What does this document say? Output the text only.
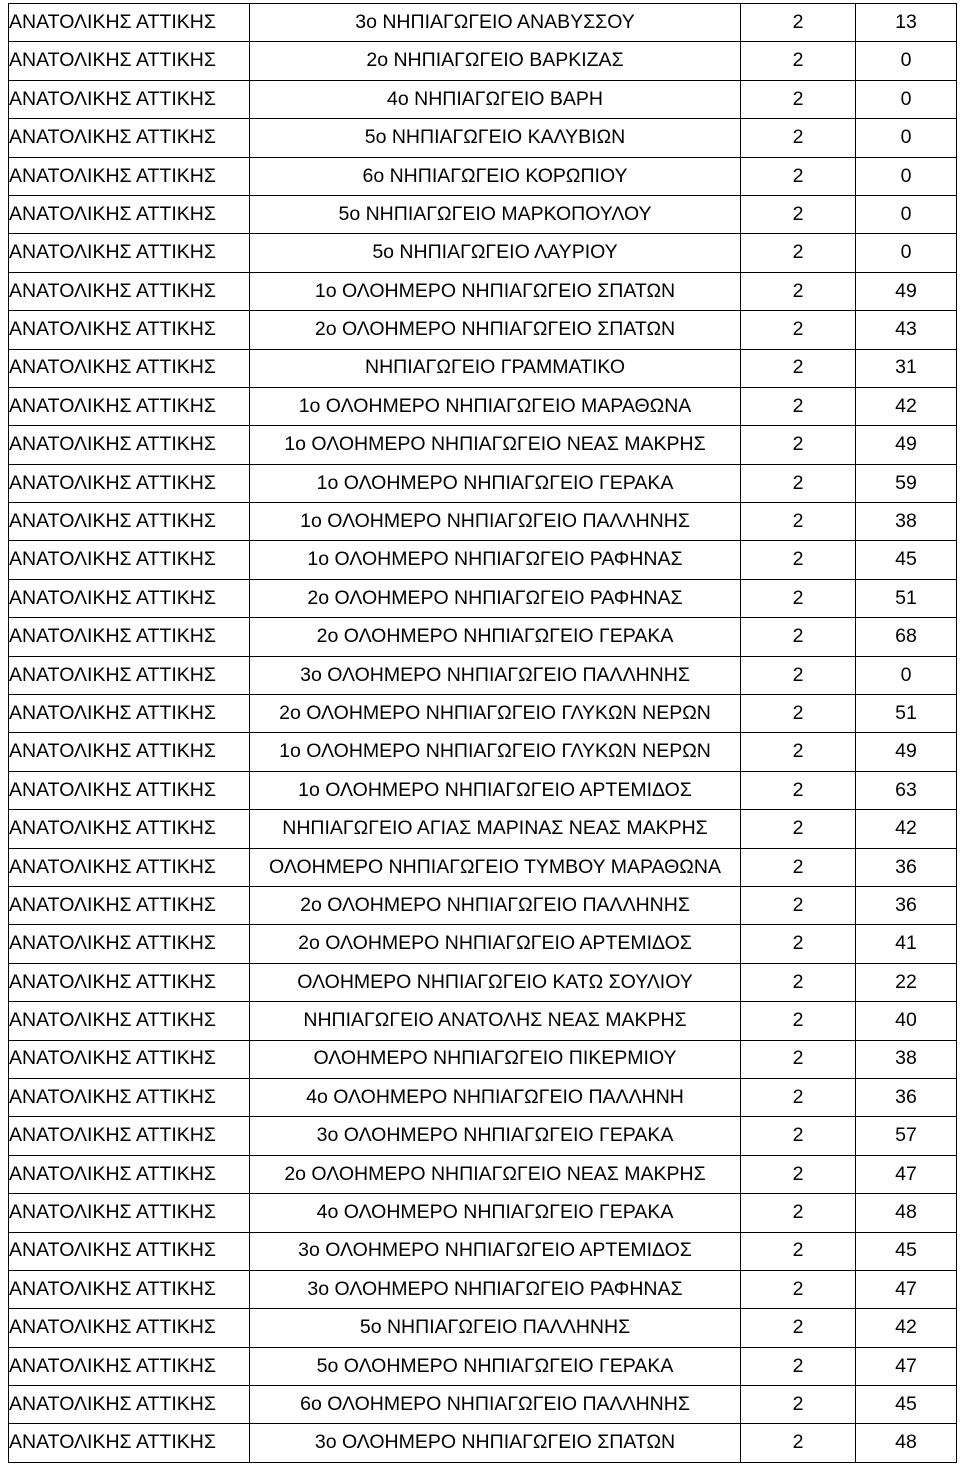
ΑΝΑΤΟΛΙΚΗΣ ΑΤΤΙΚΗΣ	3ο ΝΗΠΙΑΓΩΓΕΙΟ ΑΝΑΒΥΣΣΟΥ	2	13
ΑΝΑΤΟΛΙΚΗΣ ΑΤΤΙΚΗΣ	2ο ΝΗΠΙΑΓΩΓΕΙΟ ΒΑΡΚΙΖΑΣ	2	0
ΑΝΑΤΟΛΙΚΗΣ ΑΤΤΙΚΗΣ	4ο ΝΗΠΙΑΓΩΓΕΙΟ ΒΑΡΗ	2	0
ΑΝΑΤΟΛΙΚΗΣ ΑΤΤΙΚΗΣ	5ο ΝΗΠΙΑΓΩΓΕΙΟ ΚΑΛΥΒΙΩΝ	2	0
ΑΝΑΤΟΛΙΚΗΣ ΑΤΤΙΚΗΣ	6ο ΝΗΠΙΑΓΩΓΕΙΟ ΚΟΡΩΠΙΟΥ	2	0
ΑΝΑΤΟΛΙΚΗΣ ΑΤΤΙΚΗΣ	5ο ΝΗΠΙΑΓΩΓΕΙΟ ΜΑΡΚΟΠΟΥΛΟΥ	2	0
ΑΝΑΤΟΛΙΚΗΣ ΑΤΤΙΚΗΣ	5ο ΝΗΠΙΑΓΩΓΕΙΟ ΛΑΥΡΙΟΥ	2	0
ΑΝΑΤΟΛΙΚΗΣ ΑΤΤΙΚΗΣ	1ο ΟΛΟΗΜΕΡΟ ΝΗΠΙΑΓΩΓΕΙΟ ΣΠΑΤΩΝ	2	49
ΑΝΑΤΟΛΙΚΗΣ ΑΤΤΙΚΗΣ	2ο ΟΛΟΗΜΕΡΟ ΝΗΠΙΑΓΩΓΕΙΟ ΣΠΑΤΩΝ	2	43
ΑΝΑΤΟΛΙΚΗΣ ΑΤΤΙΚΗΣ	ΝΗΠΙΑΓΩΓΕΙΟ ΓΡΑΜΜΑΤΙΚΟ	2	31
ΑΝΑΤΟΛΙΚΗΣ ΑΤΤΙΚΗΣ	1ο ΟΛΟΗΜΕΡΟ ΝΗΠΙΑΓΩΓΕΙΟ ΜΑΡΑΘΩΝΑ	2	42
ΑΝΑΤΟΛΙΚΗΣ ΑΤΤΙΚΗΣ	1ο ΟΛΟΗΜΕΡΟ ΝΗΠΙΑΓΩΓΕΙΟ ΝΕΑΣ ΜΑΚΡΗΣ	2	49
ΑΝΑΤΟΛΙΚΗΣ ΑΤΤΙΚΗΣ	1ο ΟΛΟΗΜΕΡΟ ΝΗΠΙΑΓΩΓΕΙΟ ΓΕΡΑΚΑ	2	59
ΑΝΑΤΟΛΙΚΗΣ ΑΤΤΙΚΗΣ	1ο ΟΛΟΗΜΕΡΟ ΝΗΠΙΑΓΩΓΕΙΟ ΠΑΛΛΗΝΗΣ	2	38
ΑΝΑΤΟΛΙΚΗΣ ΑΤΤΙΚΗΣ	1ο ΟΛΟΗΜΕΡΟ ΝΗΠΙΑΓΩΓΕΙΟ ΡΑΦΗΝΑΣ	2	45
ΑΝΑΤΟΛΙΚΗΣ ΑΤΤΙΚΗΣ	2ο ΟΛΟΗΜΕΡΟ ΝΗΠΙΑΓΩΓΕΙΟ ΡΑΦΗΝΑΣ	2	51
ΑΝΑΤΟΛΙΚΗΣ ΑΤΤΙΚΗΣ	2ο ΟΛΟΗΜΕΡΟ ΝΗΠΙΑΓΩΓΕΙΟ ΓΕΡΑΚΑ	2	68
ΑΝΑΤΟΛΙΚΗΣ ΑΤΤΙΚΗΣ	3ο ΟΛΟΗΜΕΡΟ ΝΗΠΙΑΓΩΓΕΙΟ ΠΑΛΛΗΝΗΣ	2	0
ΑΝΑΤΟΛΙΚΗΣ ΑΤΤΙΚΗΣ	2ο ΟΛΟΗΜΕΡΟ ΝΗΠΙΑΓΩΓΕΙΟ ΓΛΥΚΩΝ ΝΕΡΩΝ	2	51
ΑΝΑΤΟΛΙΚΗΣ ΑΤΤΙΚΗΣ	1ο ΟΛΟΗΜΕΡΟ ΝΗΠΙΑΓΩΓΕΙΟ ΓΛΥΚΩΝ ΝΕΡΩΝ	2	49
ΑΝΑΤΟΛΙΚΗΣ ΑΤΤΙΚΗΣ	1ο ΟΛΟΗΜΕΡΟ ΝΗΠΙΑΓΩΓΕΙΟ ΑΡΤΕΜΙΔΟΣ	2	63
ΑΝΑΤΟΛΙΚΗΣ ΑΤΤΙΚΗΣ	ΝΗΠΙΑΓΩΓΕΙΟ ΑΓΙΑΣ ΜΑΡΙΝΑΣ ΝΕΑΣ ΜΑΚΡΗΣ	2	42
ΑΝΑΤΟΛΙΚΗΣ ΑΤΤΙΚΗΣ	ΟΛΟΗΜΕΡΟ ΝΗΠΙΑΓΩΓΕΙΟ ΤΥΜΒΟΥ ΜΑΡΑΘΩΝΑ	2	36
ΑΝΑΤΟΛΙΚΗΣ ΑΤΤΙΚΗΣ	2ο ΟΛΟΗΜΕΡΟ ΝΗΠΙΑΓΩΓΕΙΟ ΠΑΛΛΗΝΗΣ	2	36
ΑΝΑΤΟΛΙΚΗΣ ΑΤΤΙΚΗΣ	2ο ΟΛΟΗΜΕΡΟ ΝΗΠΙΑΓΩΓΕΙΟ ΑΡΤΕΜΙΔΟΣ	2	41
ΑΝΑΤΟΛΙΚΗΣ ΑΤΤΙΚΗΣ	ΟΛΟΗΜΕΡΟ ΝΗΠΙΑΓΩΓΕΙΟ ΚΑΤΩ ΣΟΥΛΙΟΥ	2	22
ΑΝΑΤΟΛΙΚΗΣ ΑΤΤΙΚΗΣ	ΝΗΠΙΑΓΩΓΕΙΟ ΑΝΑΤΟΛΗΣ ΝΕΑΣ ΜΑΚΡΗΣ	2	40
ΑΝΑΤΟΛΙΚΗΣ ΑΤΤΙΚΗΣ	ΟΛΟΗΜΕΡΟ ΝΗΠΙΑΓΩΓΕΙΟ ΠΙΚΕΡΜΙΟΥ	2	38
ΑΝΑΤΟΛΙΚΗΣ ΑΤΤΙΚΗΣ	4ο ΟΛΟΗΜΕΡΟ ΝΗΠΙΑΓΩΓΕΙΟ ΠΑΛΛΗΝΗ	2	36
ΑΝΑΤΟΛΙΚΗΣ ΑΤΤΙΚΗΣ	3ο ΟΛΟΗΜΕΡΟ ΝΗΠΙΑΓΩΓΕΙΟ ΓΕΡΑΚΑ	2	57
ΑΝΑΤΟΛΙΚΗΣ ΑΤΤΙΚΗΣ	2ο ΟΛΟΗΜΕΡΟ ΝΗΠΙΑΓΩΓΕΙΟ ΝΕΑΣ ΜΑΚΡΗΣ	2	47
ΑΝΑΤΟΛΙΚΗΣ ΑΤΤΙΚΗΣ	4ο ΟΛΟΗΜΕΡΟ ΝΗΠΙΑΓΩΓΕΙΟ ΓΕΡΑΚΑ	2	48
ΑΝΑΤΟΛΙΚΗΣ ΑΤΤΙΚΗΣ	3ο ΟΛΟΗΜΕΡΟ ΝΗΠΙΑΓΩΓΕΙΟ ΑΡΤΕΜΙΔΟΣ	2	45
ΑΝΑΤΟΛΙΚΗΣ ΑΤΤΙΚΗΣ	3ο ΟΛΟΗΜΕΡΟ ΝΗΠΙΑΓΩΓΕΙΟ ΡΑΦΗΝΑΣ	2	47
ΑΝΑΤΟΛΙΚΗΣ ΑΤΤΙΚΗΣ	5ο ΝΗΠΙΑΓΩΓΕΙΟ ΠΑΛΛΗΝΗΣ	2	42
ΑΝΑΤΟΛΙΚΗΣ ΑΤΤΙΚΗΣ	5ο ΟΛΟΗΜΕΡΟ ΝΗΠΙΑΓΩΓΕΙΟ ΓΕΡΑΚΑ	2	47
ΑΝΑΤΟΛΙΚΗΣ ΑΤΤΙΚΗΣ	6ο ΟΛΟΗΜΕΡΟ ΝΗΠΙΑΓΩΓΕΙΟ ΠΑΛΛΗΝΗΣ	2	45
ΑΝΑΤΟΛΙΚΗΣ ΑΤΤΙΚΗΣ	3ο ΟΛΟΗΜΕΡΟ ΝΗΠΙΑΓΩΓΕΙΟ ΣΠΑΤΩΝ	2	48
